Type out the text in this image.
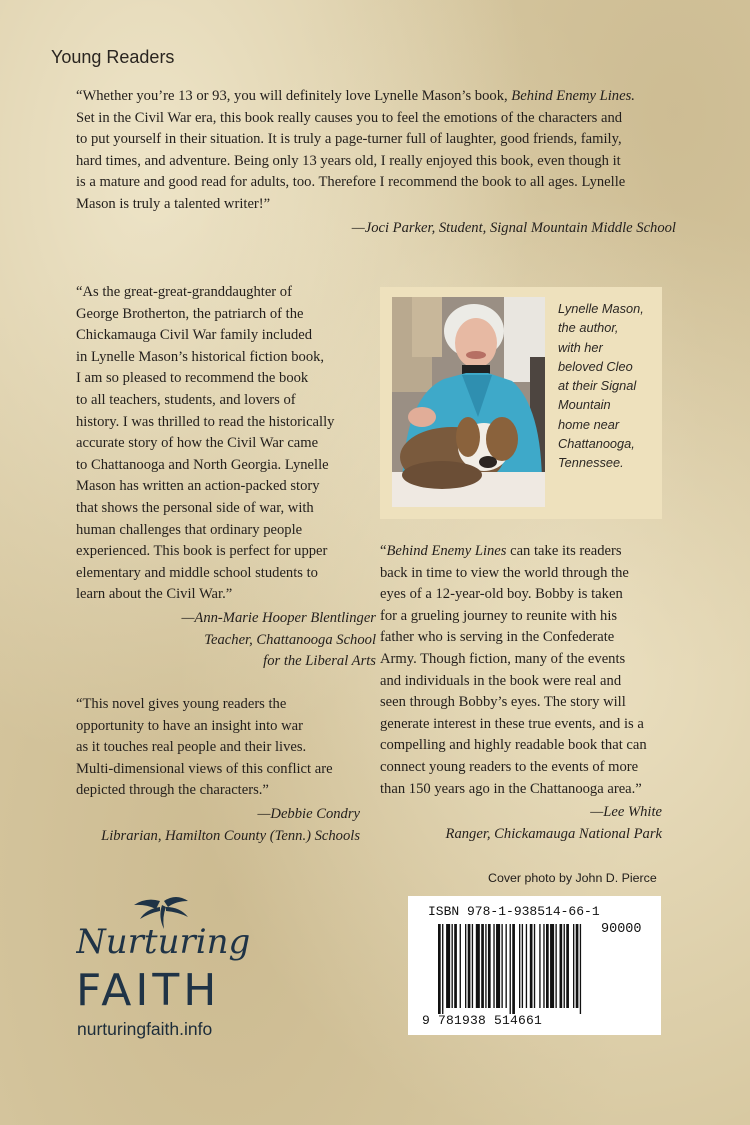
Young Readers
“Whether you’re 13 or 93, you will definitely love Lynelle Mason’s book, Behind Enemy Lines.
Set in the Civil War era, this book really causes you to feel the emotions of the characters and
to put yourself in their situation. It is truly a page-turner full of laughter, good friends, family,
hard times, and adventure. Being only 13 years old, I really enjoyed this book, even though it
is a mature and good read for adults, too. Therefore I recommend the book to all ages. Lynelle
Mason is truly a talented writer!”
—Joci Parker, Student, Signal Mountain Middle School
“As the great-great-granddaughter of
George Brotherton, the patriarch of the
Chickamauga Civil War family included
in Lynelle Mason’s historical fiction book,
I am so pleased to recommend the book
to all teachers, students, and lovers of
history. I was thrilled to read the historically
accurate story of how the Civil War came
to Chattanooga and North Georgia. Lynelle
Mason has written an action-packed story
that shows the personal side of war, with
human challenges that ordinary people
experienced. This book is perfect for upper
elementary and middle school students to
learn about the Civil War.”
—Ann-Marie Hooper Blentlinger
Teacher, Chattanooga School
for the Liberal Arts
“This novel gives young readers the
opportunity to have an insight into war
as it touches real people and their lives.
Multi-dimensional views of this conflict are
depicted through the characters.”
—Debbie Condry
Librarian, Hamilton County (Tenn.) Schools
“Behind Enemy Lines can take its readers
back in time to view the world through the
eyes of a 12-year-old boy. Bobby is taken
for a grueling journey to reunite with his
father who is serving in the Confederate
Army. Though fiction, many of the events
and individuals in the book were real and
seen through Bobby’s eyes. The story will
generate interest in these true events, and is a
compelling and highly readable book that can
connect young readers to the events of more
than 150 years ago in the Chattanooga area.”
—Lee White
Ranger, Chickamauga National Park
Lynelle Mason,
the author,
with her
beloved Cleo
at their Signal
Mountain
home near
Chattanooga,
Tennessee.
Cover photo by John D. Pierce
Nurturing
FAITH
nurturingfaith.info
ISBN 978-1-938514-66-1
90000
9 781938 514661
